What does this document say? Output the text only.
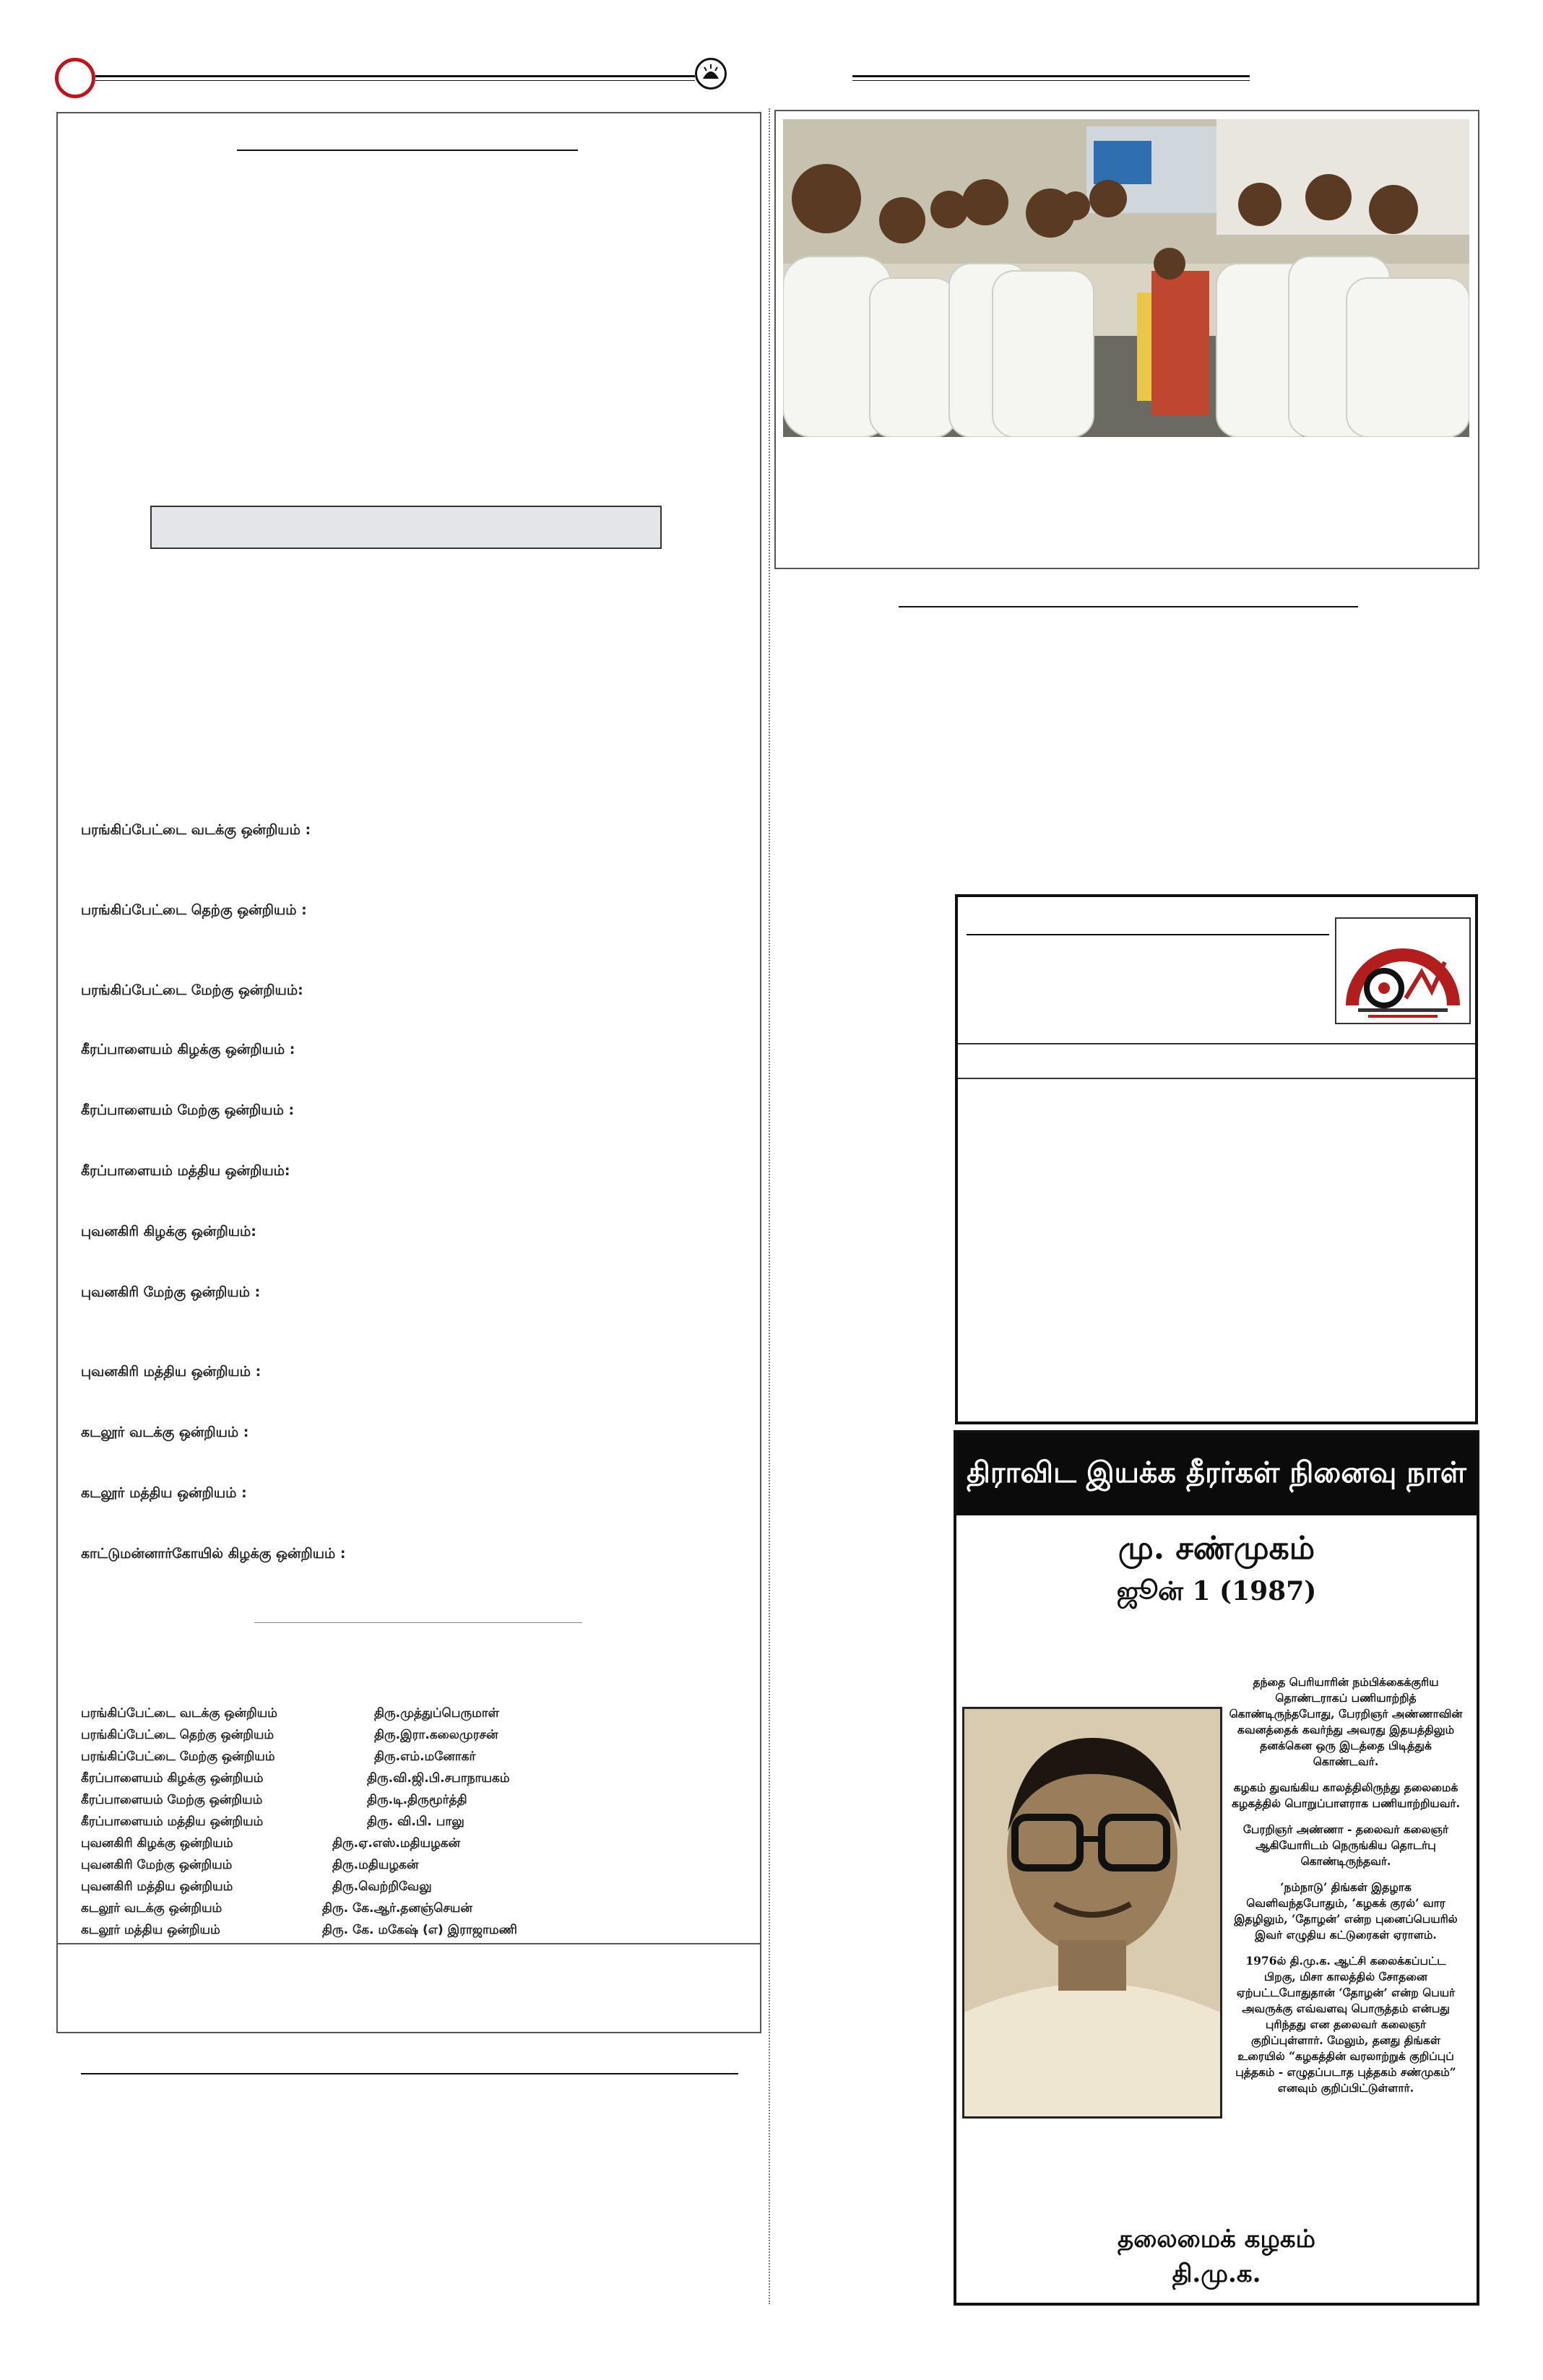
பரங்கிப்பேட்டை வடக்கு ஒன்றியம் :
பரங்கிப்பேட்டை தெற்கு ஒன்றியம் :
பரங்கிப்பேட்டை மேற்கு ஒன்றியம்:
கீரப்பாளையம் கிழக்கு ஒன்றியம் :
கீரப்பாளையம் மேற்கு ஒன்றியம் :
கீரப்பாளையம் மத்திய ஒன்றியம்:
புவனகிரி கிழக்கு ஒன்றியம்:
புவனகிரி மேற்கு ஒன்றியம் :
புவனகிரி மத்திய ஒன்றியம் :
கடலூர் வடக்கு ஒன்றியம் :
கடலூர் மத்திய ஒன்றியம் :
காட்டுமன்னார்கோயில் கிழக்கு ஒன்றியம் :
பரங்கிப்பேட்டை வடக்கு ஒன்றியம்	திரு.முத்துப்பெருமாள்
பரங்கிப்பேட்டை தெற்கு ஒன்றியம்	திரு.இரா.கலைமுரசன்
பரங்கிப்பேட்டை மேற்கு ஒன்றியம்	திரு.எம்.மனோகர்
கீரப்பாளையம் கிழக்கு ஒன்றியம்	திரு.வி.ஜி.பி.சபாநாயகம்
கீரப்பாளையம் மேற்கு ஒன்றியம்	திரு.டி.திருமூர்த்தி
கீரப்பாளையம் மத்திய ஒன்றியம்	திரு. வி.பி. பாலு
புவனகிரி கிழக்கு ஒன்றியம்	திரு.ஏ.எஸ்.மதியழகன்
புவனகிரி மேற்கு ஒன்றியம்	திரு.மதியழகன்
புவனகிரி மத்திய ஒன்றியம்	திரு.வெற்றிவேலு
கடலூர் வடக்கு ஒன்றியம்	திரு. கே.ஆர்.தனஞ்செயன்
கடலூர் மத்திய ஒன்றியம்	திரு. கே. மகேஷ் (எ) இராஜாமணி
திராவிட இயக்க தீரர்கள் நினைவு நாள்
மு. சண்முகம்
ஜூன் 1 (1987)

தந்தை பெரியாரின் நம்பிக்கைக்குரிய தொண்டராகப் பணியாற்றித் கொண்டிருந்தபோது, பேரறிஞர் அண்ணாவின் கவனத்தைக் கவர்ந்து அவரது இதயத்திலும் தனக்கென ஒரு இடத்தை பிடித்துக் கொண்டவர்.

கழகம் துவங்கிய காலத்திலிருந்து தலைமைக் கழகத்தில் பொறுப்பாளராக பணியாற்றியவர்.

பேரறிஞர் அண்ணா - தலைவர் கலைஞர் ஆகியோரிடம் நெருங்கிய தொடர்பு கொண்டிருந்தவர்.

‘நம்நாடு’ திங்கள் இதழாக வெளிவந்தபோதும், ‘கழகக் குரல்’ வார இதழிலும், ‘தோழன்’ என்ற புனைப்பெயரில் இவர் எழுதிய கட்டுரைகள் ஏராளம்.

1976ல் தி.மு.க. ஆட்சி கலைக்கப்பட்ட பிறகு, மிசா காலத்தில் சோதனை ஏற்பட்டபோதுதான் ‘தோழன்’ என்ற பெயர் அவருக்கு எவ்வளவு பொருத்தம் என்பது புரிந்தது என தலைவர் கலைஞர் குறிப்புள்ளார். மேலும், தனது திங்கள் உரையில் “கழகத்தின் வரலாற்றுக் குறிப்புப் புத்தகம் - எழுதப்படாத புத்தகம் சண்முகம்” எனவும் குறிப்பிட்டுள்ளார்.

தலைமைக் கழகம்
தி.மு.க.
